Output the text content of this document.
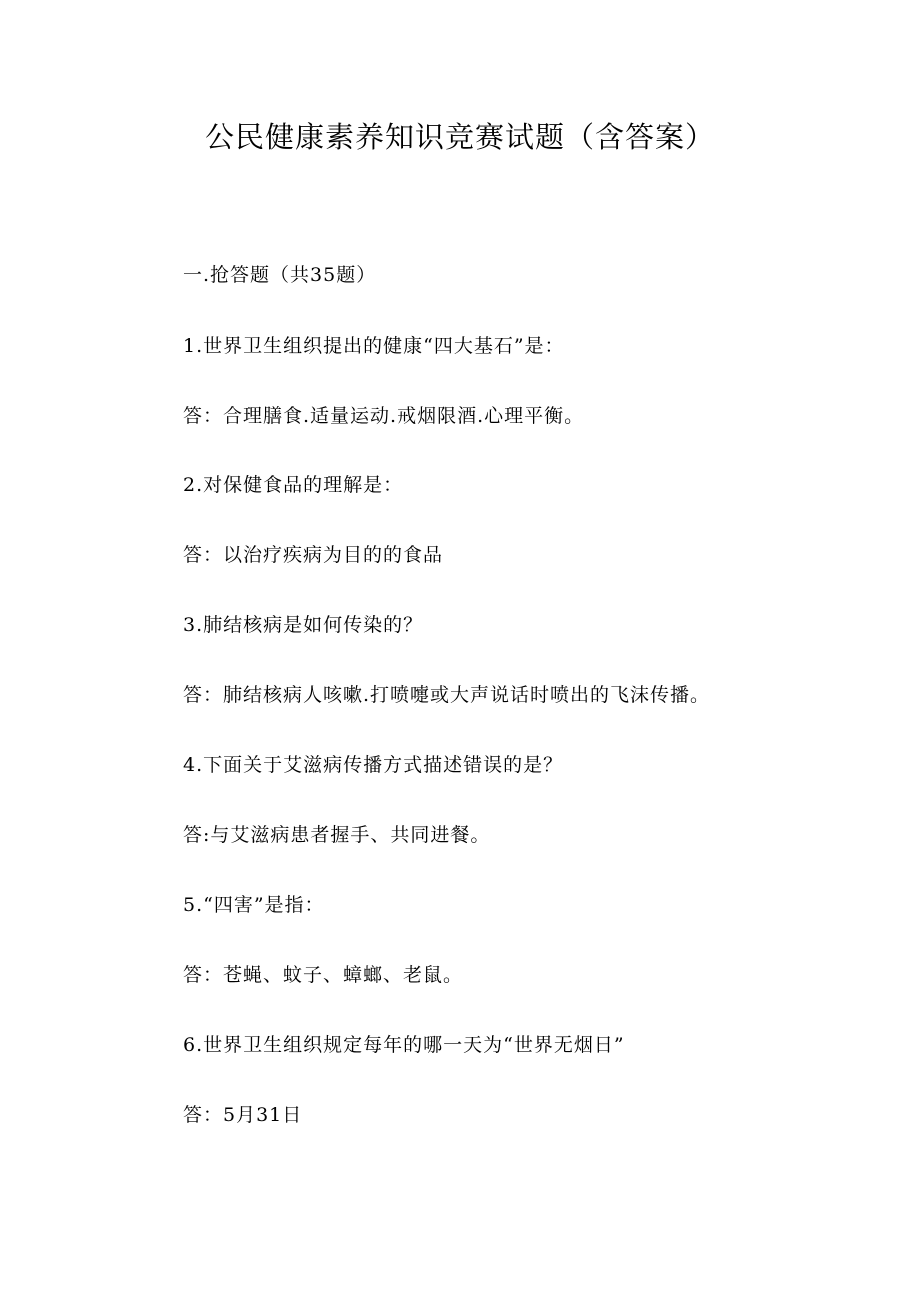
公民健康素养知识竞赛试题（含答案）

一.抢答题（共35题）

1.世界卫生组织提出的健康“四大基石”是：

答：合理膳食.适量运动.戒烟限酒.心理平衡。

2.对保健食品的理解是：

答：以治疗疾病为目的的食品

3.肺结核病是如何传染的？

答：肺结核病人咳嗽.打喷嚏或大声说话时喷出的飞沫传播。

4.下面关于艾滋病传播方式描述错误的是？

答:与艾滋病患者握手、共同进餐。

5.“四害”是指：

答：苍蝇、蚊子、蟑螂、老鼠。

6.世界卫生组织规定每年的哪一天为“世界无烟日”

答：5月31日
